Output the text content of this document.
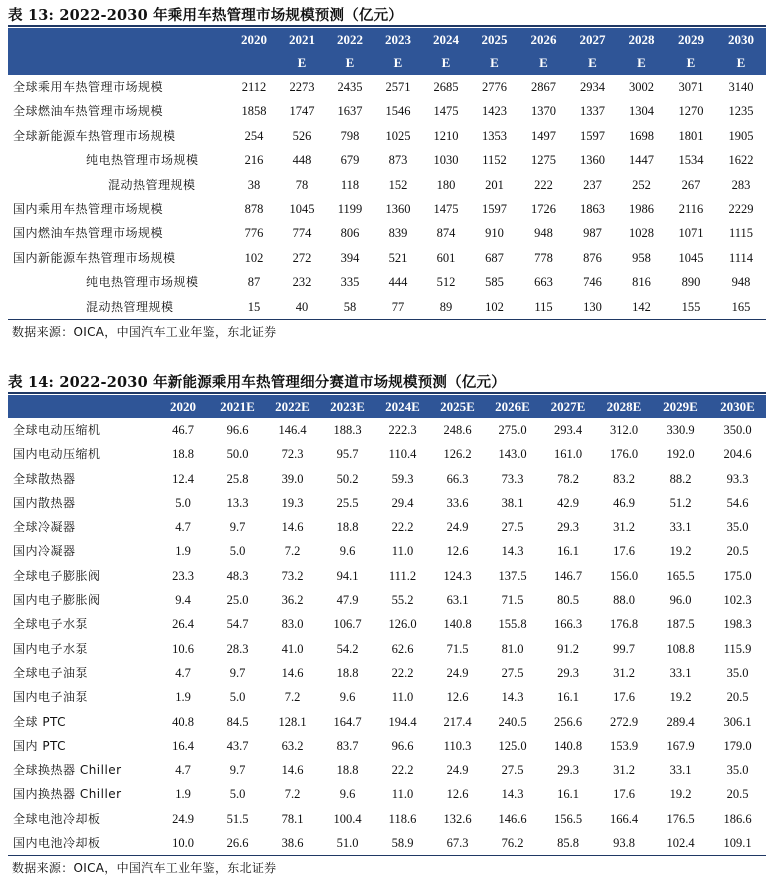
表 13: 2022-2030 年乘用车热管理市场规模预测（亿元）
	2020	2021	2022	2023	2024	2025	2026	2027	2028	2029	2030
		E	E	E	E	E	E	E	E	E	E
全球乘用车热管理市场规模	2112	2273	2435	2571	2685	2776	2867	2934	3002	3071	3140
全球燃油车热管理市场规模	1858	1747	1637	1546	1475	1423	1370	1337	1304	1270	1235
全球新能源车热管理市场规模	254	526	798	1025	1210	1353	1497	1597	1698	1801	1905
纯电热管理市场规模	216	448	679	873	1030	1152	1275	1360	1447	1534	1622
混动热管理规模	38	78	118	152	180	201	222	237	252	267	283
国内乘用车热管理市场规模	878	1045	1199	1360	1475	1597	1726	1863	1986	2116	2229
国内燃油车热管理市场规模	776	774	806	839	874	910	948	987	1028	1071	1115
国内新能源车热管理市场规模	102	272	394	521	601	687	778	876	958	1045	1114
纯电热管理市场规模	87	232	335	444	512	585	663	746	816	890	948
混动热管理规模	15	40	58	77	89	102	115	130	142	155	165
数据来源：OICA，中国汽车工业年鉴，东北证券
表 14: 2022-2030 年新能源乘用车热管理细分赛道市场规模预测（亿元）
	2020	2021E	2022E	2023E	2024E	2025E	2026E	2027E	2028E	2029E	2030E
全球电动压缩机	46.7	96.6	146.4	188.3	222.3	248.6	275.0	293.4	312.0	330.9	350.0
国内电动压缩机	18.8	50.0	72.3	95.7	110.4	126.2	143.0	161.0	176.0	192.0	204.6
全球散热器	12.4	25.8	39.0	50.2	59.3	66.3	73.3	78.2	83.2	88.2	93.3
国内散热器	5.0	13.3	19.3	25.5	29.4	33.6	38.1	42.9	46.9	51.2	54.6
全球冷凝器	4.7	9.7	14.6	18.8	22.2	24.9	27.5	29.3	31.2	33.1	35.0
国内冷凝器	1.9	5.0	7.2	9.6	11.0	12.6	14.3	16.1	17.6	19.2	20.5
全球电子膨胀阀	23.3	48.3	73.2	94.1	111.2	124.3	137.5	146.7	156.0	165.5	175.0
国内电子膨胀阀	9.4	25.0	36.2	47.9	55.2	63.1	71.5	80.5	88.0	96.0	102.3
全球电子水泵	26.4	54.7	83.0	106.7	126.0	140.8	155.8	166.3	176.8	187.5	198.3
国内电子水泵	10.6	28.3	41.0	54.2	62.6	71.5	81.0	91.2	99.7	108.8	115.9
全球电子油泵	4.7	9.7	14.6	18.8	22.2	24.9	27.5	29.3	31.2	33.1	35.0
国内电子油泵	1.9	5.0	7.2	9.6	11.0	12.6	14.3	16.1	17.6	19.2	20.5
全球 PTC	40.8	84.5	128.1	164.7	194.4	217.4	240.5	256.6	272.9	289.4	306.1
国内 PTC	16.4	43.7	63.2	83.7	96.6	110.3	125.0	140.8	153.9	167.9	179.0
全球换热器 Chiller	4.7	9.7	14.6	18.8	22.2	24.9	27.5	29.3	31.2	33.1	35.0
国内换热器 Chiller	1.9	5.0	7.2	9.6	11.0	12.6	14.3	16.1	17.6	19.2	20.5
全球电池冷却板	24.9	51.5	78.1	100.4	118.6	132.6	146.6	156.5	166.4	176.5	186.6
国内电池冷却板	10.0	26.6	38.6	51.0	58.9	67.3	76.2	85.8	93.8	102.4	109.1
数据来源：OICA，中国汽车工业年鉴，东北证券
